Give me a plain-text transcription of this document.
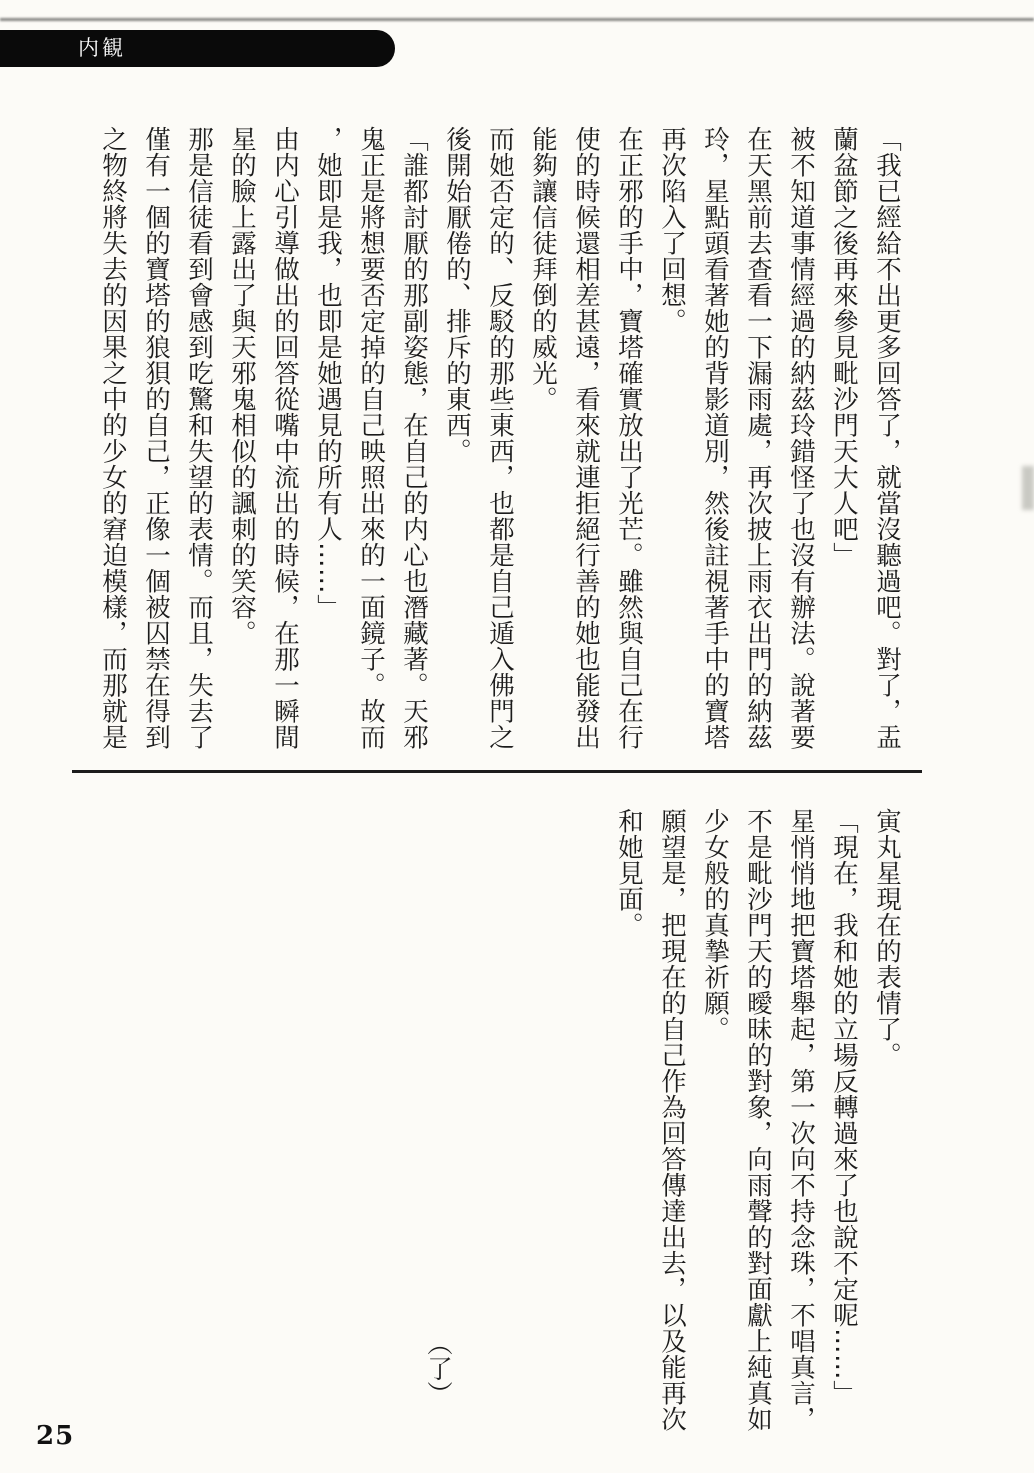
内観
「我已經給不出更多回答了，就當沒聽過吧。對了，盂
蘭盆節之後再來參見毗沙門天大人吧」
被不知道事情經過的納茲玲錯怪了也沒有辦法。說著要
在天黑前去查看一下漏雨處，再次披上雨衣出門的納茲
玲，星點頭看著她的背影道別，然後註視著手中的寶塔
再次陷入了回想。
在正邪的手中，寶塔確實放出了光芒。雖然與自己在行
使的時候還相差甚遠，看來就連拒絕行善的她也能發出
能夠讓信徒拜倒的威光。
而她否定的、反駁的那些東西，也都是自己遁入佛門之
後開始厭倦的、排斥的東西。
「誰都討厭的那副姿態，在自己的内心也潛藏著。天邪
鬼正是將想要否定掉的自己映照出來的一面鏡子。故而
，她即是我，也即是她遇見的所有人……」
由内心引導做出的回答從嘴中流出的時候，在那一瞬間
星的臉上露出了與天邪鬼相似的諷刺的笑容。
那是信徒看到會感到吃驚和失望的表情。而且，失去了
僅有一個的寶塔的狼狽的自己，正像一個被囚禁在得到
之物終將失去的因果之中的少女的窘迫模樣，而那就是
寅丸星現在的表情了。
「現在，我和她的立場反轉過來了也說不定呢……」
星悄悄地把寶塔舉起，第一次向不持念珠，不唱真言，
不是毗沙門天的曖昧的對象，向雨聲的對面獻上純真如
少女般的真摯祈願。
願望是，把現在的自己作為回答傳達出去，以及能再次
和她見面。
（了）
25
